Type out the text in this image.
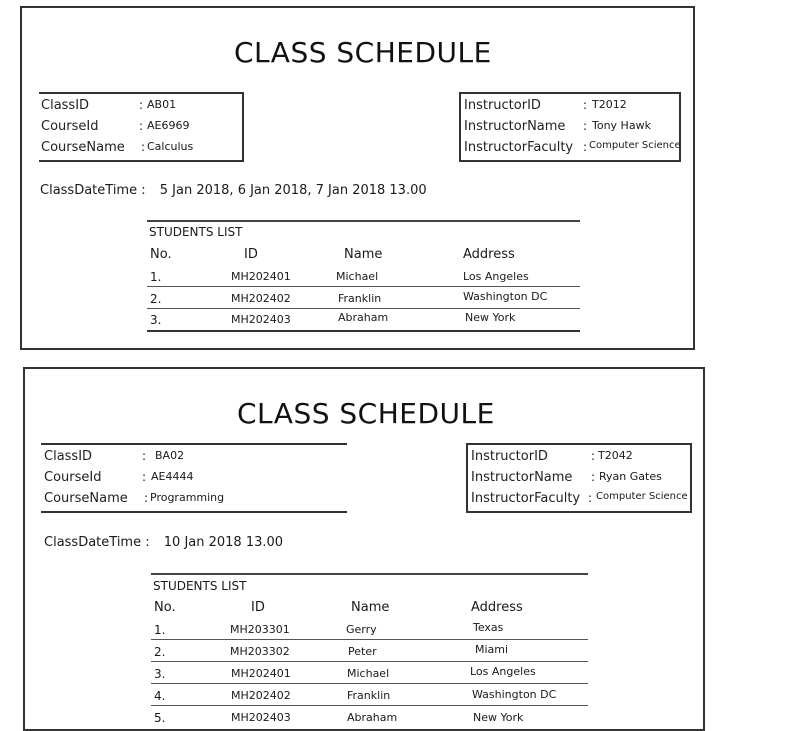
CLASS SCHEDULE
ClassID	: AB01
CourseId	: AE6969
CourseName : Calculus
InstructorID	: T2012
InstructorName : Tony Hawk
InstructorFaculty : Computer Science
ClassDateTime : 5 Jan 2018, 6 Jan 2018, 7 Jan 2018 13.00
STUDENTS LIST
No.	ID	Name	Address
1.	MH202401	Michael	Los Angeles
2.	MH202402	Franklin	Washington DC
3.	MH202403	Abraham	New York
CLASS SCHEDULE
ClassID	: BA02
CourseId	: AE4444
CourseName : Programming
InstructorID	: T2042
InstructorName : Ryan Gates
InstructorFaculty : Computer Science
ClassDateTime : 10 Jan 2018 13.00
STUDENTS LIST
No.	ID	Name	Address
1.	MH203301	Gerry	Texas
2.	MH203302	Peter	Miami
3.	MH202401	Michael	Los Angeles
4.	MH202402	Franklin	Washington DC
5.	MH202403	Abraham	New York
